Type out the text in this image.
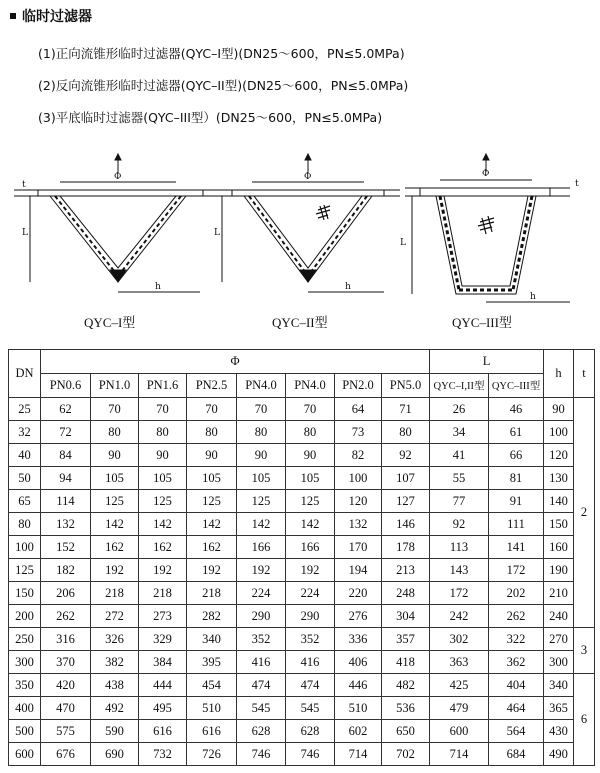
临时过滤器
(1)正向流锥形临时过滤器(QYC–I型)(DN25～600，PN≤5.0MPa)
(2)反向流锥形临时过滤器(QYC–II型)(DN25～600，PN≤5.0MPa)
(3)平底临时过滤器(QYC–III型）(DN25～600，PN≤5.0MPa)
Φ
L
h
t
Φ
L
h
Φ
L
h
t
QYC–I型	QYC–II型	QYC–III型
DN	Φ								L		h	t
	PN0.6	PN1.0	PN1.6	PN2.5	PN4.0	PN4.0	PN2.0	PN5.0	QYC–I,II型	QYC–III型		
25	62	70	70	70	70	70	64	71	26	46	90	2
32	72	80	80	80	80	80	73	80	34	61	100	
40	84	90	90	90	90	90	82	92	41	66	120	
50	94	105	105	105	105	105	100	107	55	81	130	
65	114	125	125	125	125	125	120	127	77	91	140	
80	132	142	142	142	142	142	132	146	92	111	150	
100	152	162	162	162	166	166	170	178	113	141	160	
125	182	192	192	192	192	192	194	213	143	172	190	
150	206	218	218	218	224	224	220	248	172	202	210	
200	262	272	273	282	290	290	276	304	242	262	240	
250	316	326	329	340	352	352	336	357	302	322	270	3
300	370	382	384	395	416	416	406	418	363	362	300	
350	420	438	444	454	474	474	446	482	425	404	340	6
400	470	492	495	510	545	545	510	536	479	464	365	
500	575	590	616	616	628	628	602	650	600	564	430	
600	676	690	732	726	746	746	714	702	714	684	490	
